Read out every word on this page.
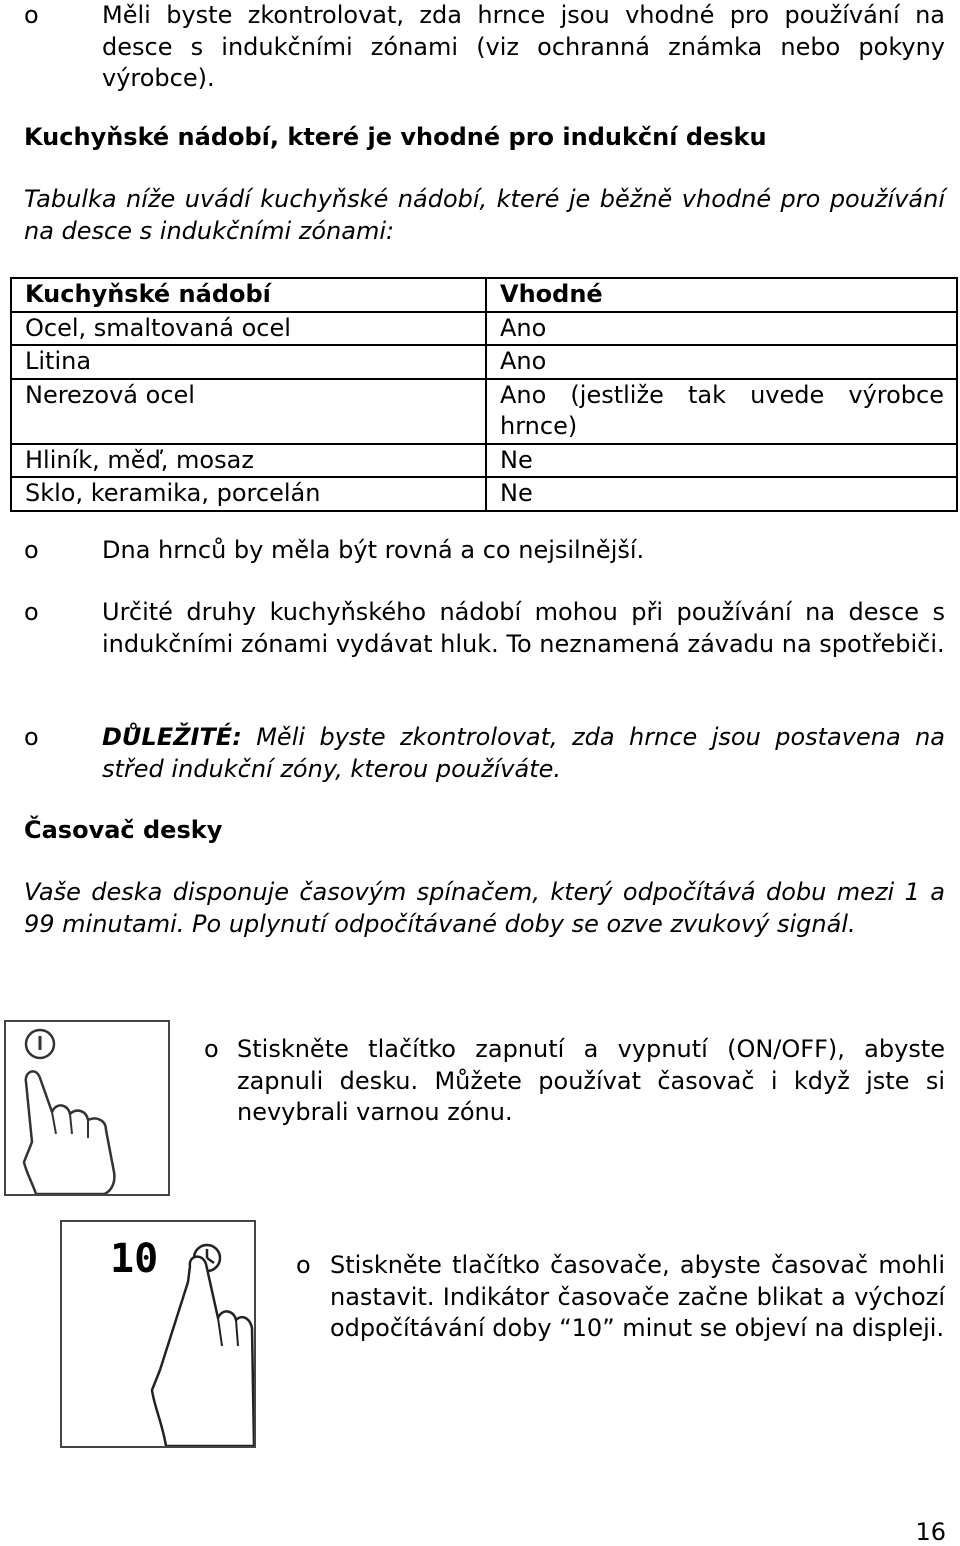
o	Měli byste zkontrolovat, zda hrnce jsou vhodné pro používání na desce s indukčními zónami (viz ochranná známka nebo pokyny výrobce).
Kuchyňské nádobí, které je vhodné pro indukční desku
Tabulka níže uvádí kuchyňské nádobí, které je běžně vhodné pro používání na desce s indukčními zónami:
Kuchyňské nádobí	Vhodné
Ocel, smaltovaná ocel	Ano
Litina	Ano
Nerezová ocel	Ano (jestliže tak uvede výrobce hrnce)
Hliník, měď, mosaz	Ne
Sklo, keramika, porcelán	Ne
o	Dna hrnců by měla být rovná a co nejsilnější.
o	Určité druhy kuchyňského nádobí mohou při používání na desce s indukčními zónami vydávat hluk. To neznamená závadu na spotřebiči.
o	DŮLEŽITÉ: Měli byste zkontrolovat, zda hrnce jsou postavena na střed indukční zóny, kterou používáte.
Časovač desky
Vaše deska disponuje časovým spínačem, který odpočítává dobu mezi 1 a 99 minutami. Po uplynutí odpočítávané doby se ozve zvukový signál.
o Stiskněte tlačítko zapnutí a vypnutí (ON/OFF), abyste zapnuli desku. Můžete používat časovač i když jste si nevybrali varnou zónu.
10	o Stiskněte tlačítko časovače, abyste časovač mohli nastavit. Indikátor časovače začne blikat a výchozí odpočítávání doby “10” minut se objeví na displeji.
16
